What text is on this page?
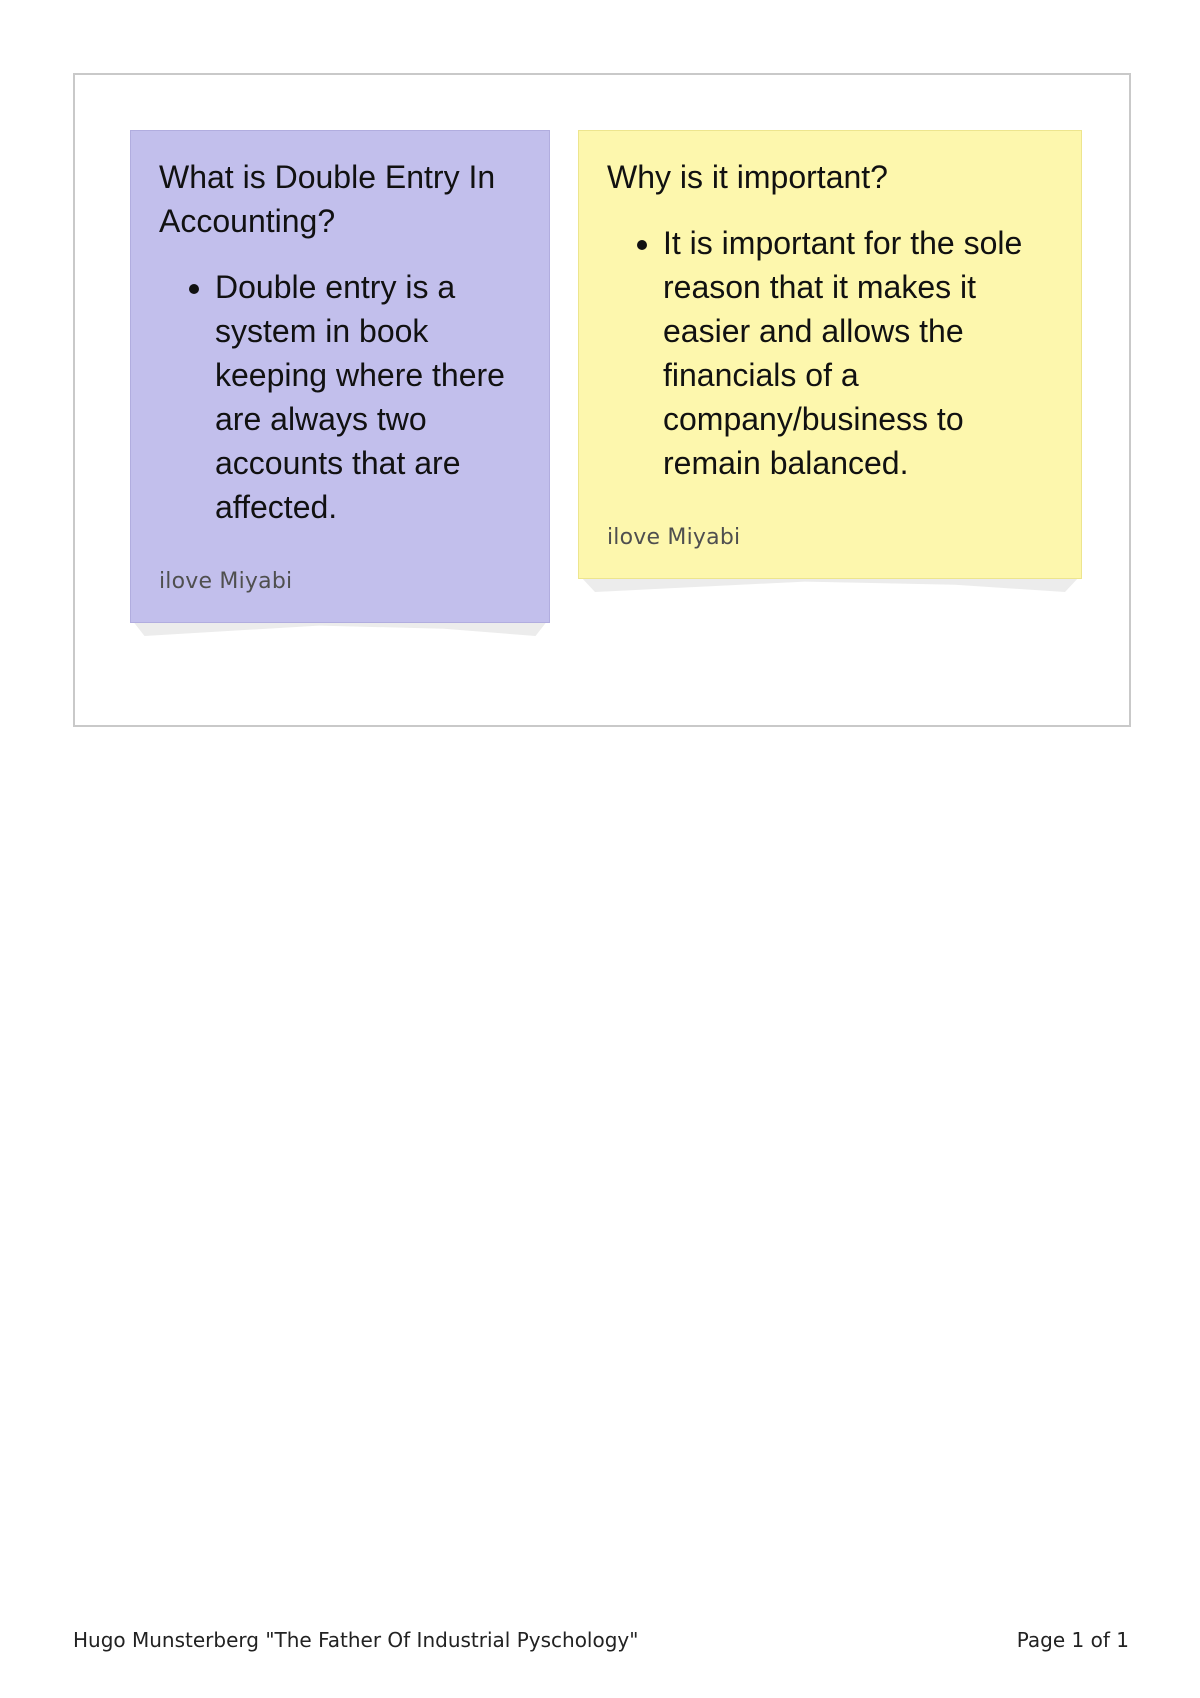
What is Double Entry In Accounting?
• Double entry is a system in book keeping where there are always two accounts that are affected.
ilove Miyabi
Why is it important?
• It is important for the sole reason that it makes it easier and allows the financials of a company/business to remain balanced.
ilove Miyabi
Hugo Munsterberg "The Father Of Industrial Pyschology"	Page 1 of 1
